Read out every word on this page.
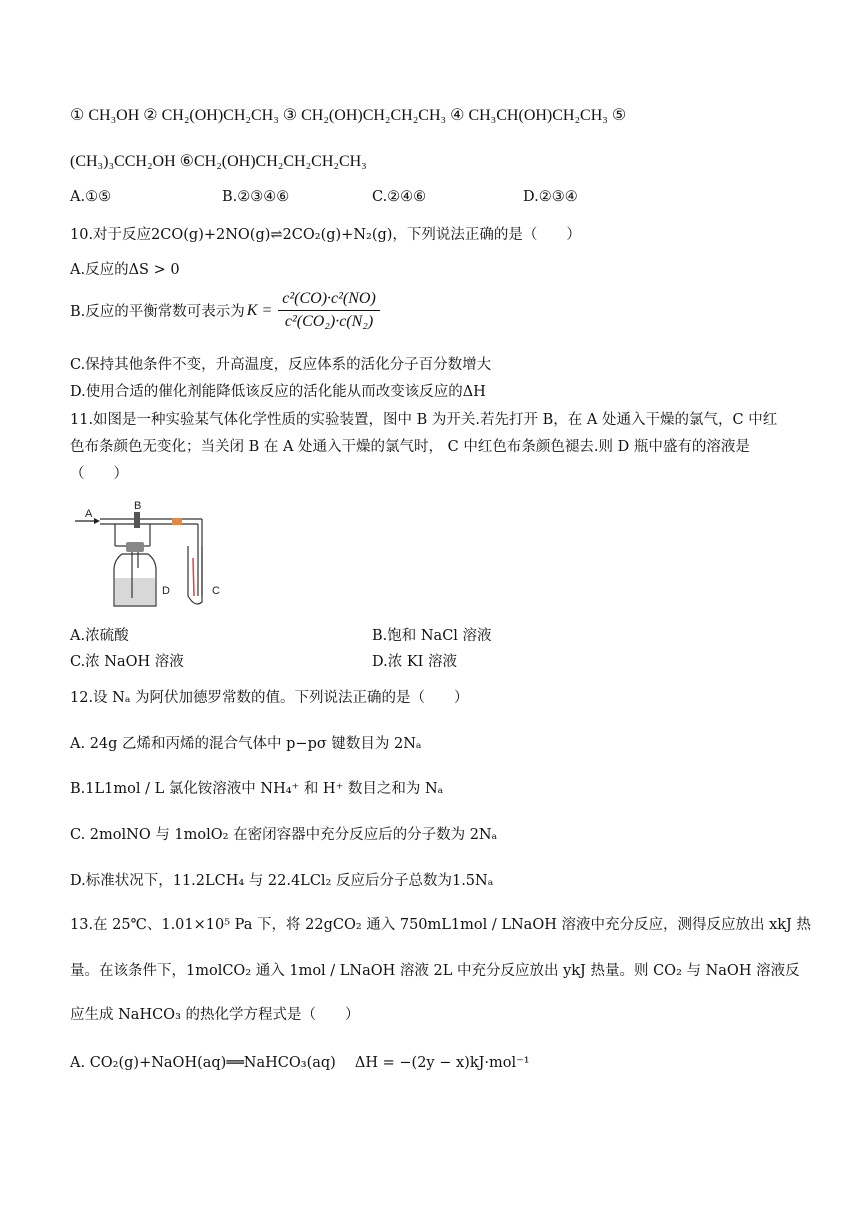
① CH₃OH ② CH₂(OH)CH₂CH₃ ③ CH₂(OH)CH₂CH₂CH₃ ④ CH₃CH(OH)CH₂CH₃ ⑤
(CH₃)₃CCH₂OH ⑥CH₂(OH)CH₂CH₂CH₂CH₃
A.①⑤	B.②③④⑥	C.②④⑥	D.②③④
10.对于反应2CO(g)+2NO(g)⇌2CO₂(g)+N₂(g)，下列说法正确的是（　　）
A.反应的ΔS > 0
B.反应的平衡常数可表示为 $K = \frac{\text{c²(CO)·c²(NO)}}{\text{c²(CO₂)·c(N₂)}}$
C.保持其他条件不变，升高温度，反应体系的活化分子百分数增大
D.使用合适的催化剂能降低该反应的活化能从而改变该反应的ΔH
11.如图是一种实验某气体化学性质的实验装置，图中 B 为开关.若先打开 B，在 A 处通入干燥的氯气，C 中红
色布条颜色无变化；当关闭 B 在 A 处通入干燥的氯气时， C 中红色布条颜色褪去.则 D 瓶中盛有的溶液是
（　　）
A
B
C
D
A.浓硫酸	B.饱和 NaCl 溶液
C.浓 NaOH 溶液	D.浓 KI 溶液
12.设 Nₐ 为阿伏加德罗常数的值。下列说法正确的是（　　）
A. 24g 乙烯和丙烯的混合气体中 p−pσ 键数目为 2Nₐ
B.1L1mol / L 氯化铵溶液中 NH₄⁺ 和 H⁺ 数目之和为 Nₐ
C. 2molNO 与 1molO₂ 在密闭容器中充分反应后的分子数为 2Nₐ
D.标准状况下，11.2LCH₄ 与 22.4LCl₂ 反应后分子总数为1.5Nₐ
13.在 25℃、1.01×10⁵ Pa 下，将 22gCO₂ 通入 750mL1mol / LNaOH 溶液中充分反应，测得反应放出 xkJ 热
量。在该条件下，1molCO₂ 通入 1mol / LNaOH 溶液 2L 中充分反应放出 ykJ 热量。则 CO₂ 与 NaOH 溶液反
应生成 NaHCO₃ 的热化学方程式是（　　）
A. CO₂(g)+NaOH(aq)══NaHCO₃(aq)　 ΔH = −(2y − x)kJ·mol⁻¹
